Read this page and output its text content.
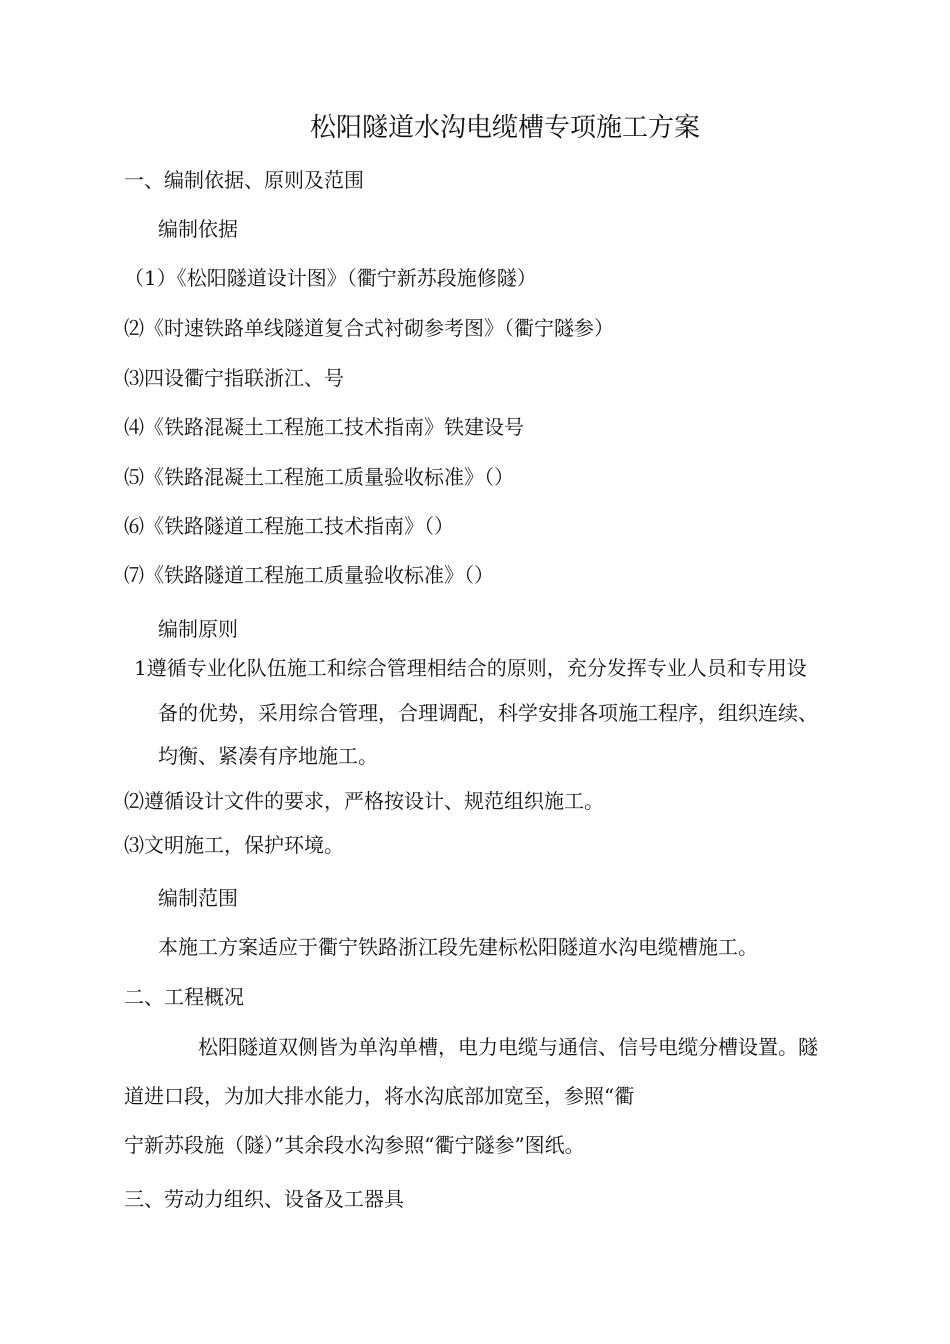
松阳隧道水沟电缆槽专项施工方案
一、编制依据、原则及范围
编制依据
（1）《松阳隧道设计图》（衢宁新苏段施修隧）
⑵《时速铁路单线隧道复合式衬砌参考图》（衢宁隧参）
⑶四设衢宁指联浙江、号
⑷《铁路混凝土工程施工技术指南》铁建设号
⑸《铁路混凝土工程施工质量验收标准》（）
⑹《铁路隧道工程施工技术指南》（）
⑺《铁路隧道工程施工质量验收标准》（）
编制原则
1遵循专业化队伍施工和综合管理相结合的原则，充分发挥专业人员和专用设
备的优势，采用综合管理，合理调配，科学安排各项施工程序，组织连续、
均衡、紧凑有序地施工。
⑵遵循设计文件的要求，严格按设计、规范组织施工。
⑶文明施工，保护环境。
编制范围
本施工方案适应于衢宁铁路浙江段先建标松阳隧道水沟电缆槽施工。
二、工程概况
松阳隧道双侧皆为单沟单槽，电力电缆与通信、信号电缆分槽设置。隧
道进口段，为加大排水能力，将水沟底部加宽至，参照“衢
宁新苏段施（隧）”其余段水沟参照“衢宁隧参”图纸。
三、劳动力组织、设备及工器具
